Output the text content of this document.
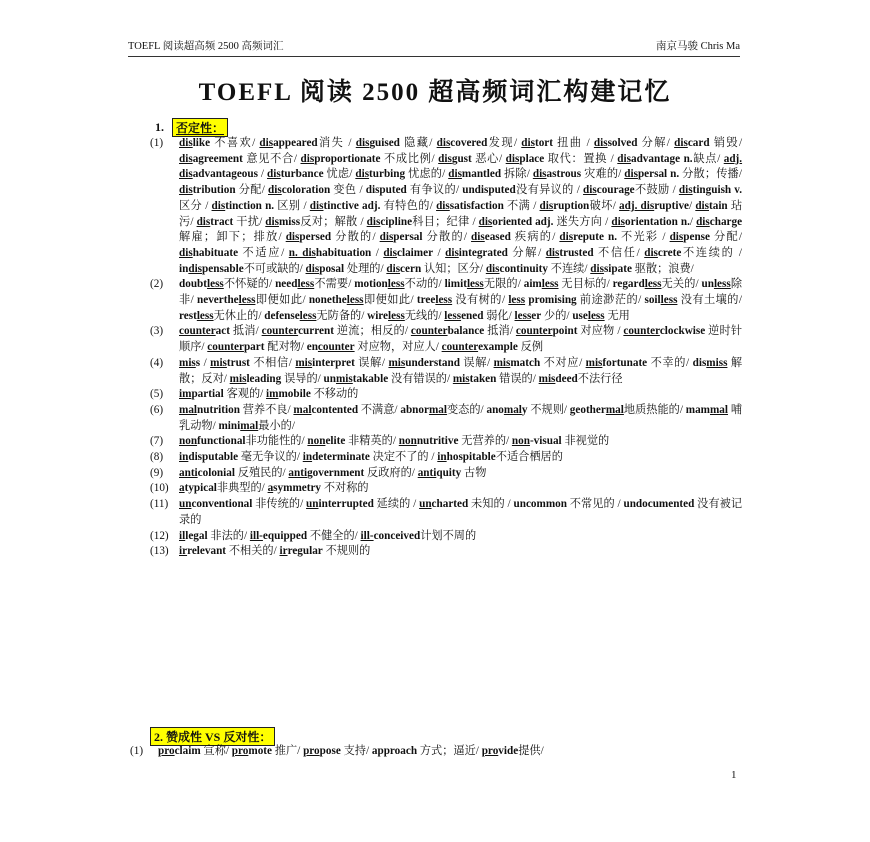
TOEFL 阅读超高频 2500 高频词汇	南京马骏 Chris Ma
TOEFL 阅读 2500 超高频词汇构建记忆
1.	否定性：
(1)	dislike 不喜欢/ disappeared消失 / disguised 隐藏/ discovered发现/ distort 扭曲 / dissolved 分解/ discard 销毁/ disagreement 意见不合/ disproportionate 不成比例/ disgust 恶心/ displace 取代：置换 / disadvantage n.缺点/ adj. disadvantageous / disturbance 忧虑/ disturbing 忧虑的/ dismantled 拆除/ disastrous 灾难的/ dispersal n. 分散；传播/ distribution 分配/ discoloration 变色 / disputed 有争议的/ undisputed没有异议的 / discourage不鼓励 / distinguish v. 区分 / distinction n. 区别 / distinctive adj. 有特色的/ dissatisfaction 不满 / disruption破坏/ adj. disruptive/ distain 玷污/ distract 干扰/ dismiss反对；解散 / discipline科目；纪律 / disoriented adj. 迷失方向 / disorientation n./ discharge 解雇；卸下；排放/ dispersed 分散的/ dispersal 分散的/ diseased 疾病的/ disrepute n. 不光彩 / dispense 分配/ dishabituate 不适应/ n. dishabituation / disclaimer / disintegrated 分解/ distrusted 不信任/ discrete不连续的 / indispensable不可或缺的/ disposal 处理的/ discern 认知；区分/ discontinuity 不连续/ dissipate 驱散；浪费/
(2)	doubtless不怀疑的/ needless不需要/ motionless不动的/ limitless无限的/ aimless 无目标的/ regardless无关的/ unless除非/ nevertheless即便如此/ nonetheless即便如此/ treeless 没有树的/ less promising 前途渺茫的/ soilless 没有土壤的/ restless无休止的/ defenseless无防备的/ wireless无线的/ lessened 弱化/ lesser 少的/ useless 无用
(3)	counteract 抵消/ countercurrent 逆流；相反的/ counterbalance 抵消/ counterpoint 对应物 / counterclockwise 逆时针顺序/ counterpart 配对物/ encounter 对应物，对应人/ counterexample 反例
(4)	miss / mistrust 不相信/ misinterpret 误解/ misunderstand 误解/ mismatch 不对应/ misfortunate 不幸的/ dismiss 解散；反对/ misleading 误导的/ unmistakable 没有错误的/ mistaken 错误的/ misdeed不法行径
(5)	impartial 客观的/ immobile 不移动的
(6)	malnutrition 营养不良/ malcontented 不满意/ abnormal变态的/ anomaly 不规则/ geothermal地质热能的/ mammal 哺乳动物/ minimal最小的/
(7)	nonfunctional非功能性的/ nonelite 非精英的/ nonnutritive 无营养的/ non-visual 非视觉的
(8)	indisputable 毫无争议的/ indeterminate 决定不了的 / inhospitable不适合栖居的
(9)	anticolonial 反殖民的/ antigovernment 反政府的/ antiquity 古物
(10) atypical非典型的/ asymmetry 不对称的
(11) unconventional 非传统的/ uninterrupted 延续的 / uncharted 未知的 / uncommon 不常见的 / undocumented 没有被记录的
(12) illegal 非法的/ ill-equipped 不健全的/ ill-conceived计划不周的
(13) irrelevant 不相关的/ irregular 不规则的
2. 赞成性 VS 反对性：
(1)	proclaim 宣称/ promote 推广/ propose 支持/ approach 方式；逼近/ provide提供/
1
